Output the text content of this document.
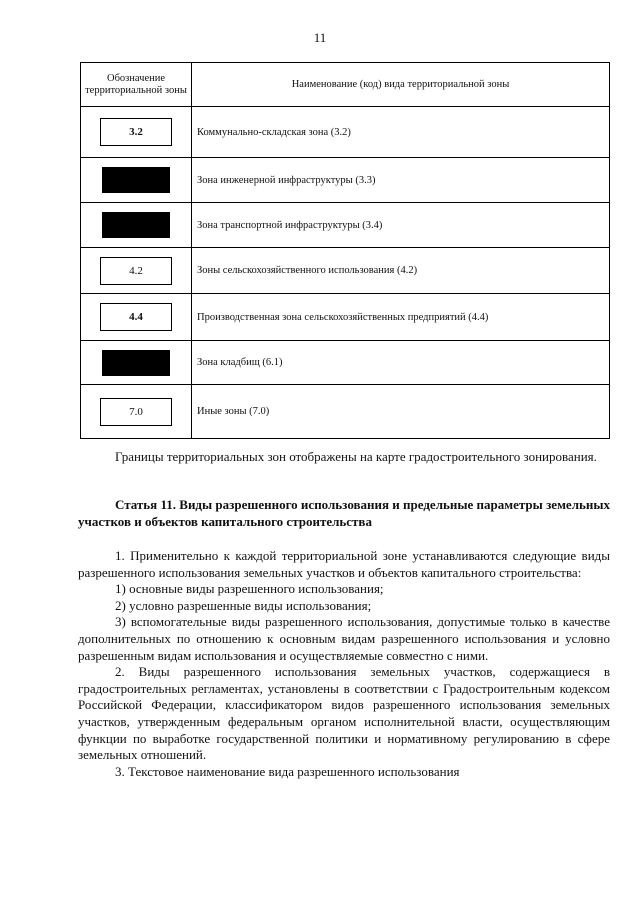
11
Обозначение территориальной зоны	Наименование (код) вида территориальной зоны
3.2	Коммунально-складская зона (3.2)
	Зона инженерной инфраструктуры (3.3)
	Зона транспортной инфраструктуры (3.4)
4.2	Зоны сельскохозяйственного использования (4.2)
4.4	Производственная зона сельскохозяйственных предприятий (4.4)
	Зона кладбищ (6.1)
7.0	Иные зоны (7.0)

Границы территориальных зон отображены на карте градостроительного зонирования.

Статья 11. Виды разрешенного использования и предельные параметры земельных участков и объектов капитального строительства

1. Применительно к каждой территориальной зоне устанавливаются следующие виды разрешенного использования земельных участков и объектов капитального строительства:

1) основные виды разрешенного использования;

2) условно разрешенные виды использования;

3) вспомогательные виды разрешенного использования, допустимые только в качестве дополнительных по отношению к основным видам разрешенного использования и условно разрешенным видам использования и осуществляемые совместно с ними.

2. Виды разрешенного использования земельных участков, содержащиеся в градостроительных регламентах, установлены в соответствии с Градостроительным кодексом Российской Федерации, классификатором видов разрешенного использования земельных участков, утвержденным федеральным органом исполнительной власти, осуществляющим функции по выработке государственной политики и нормативному регулированию в сфере земельных отношений.

3. Текстовое наименование вида разрешенного использования
